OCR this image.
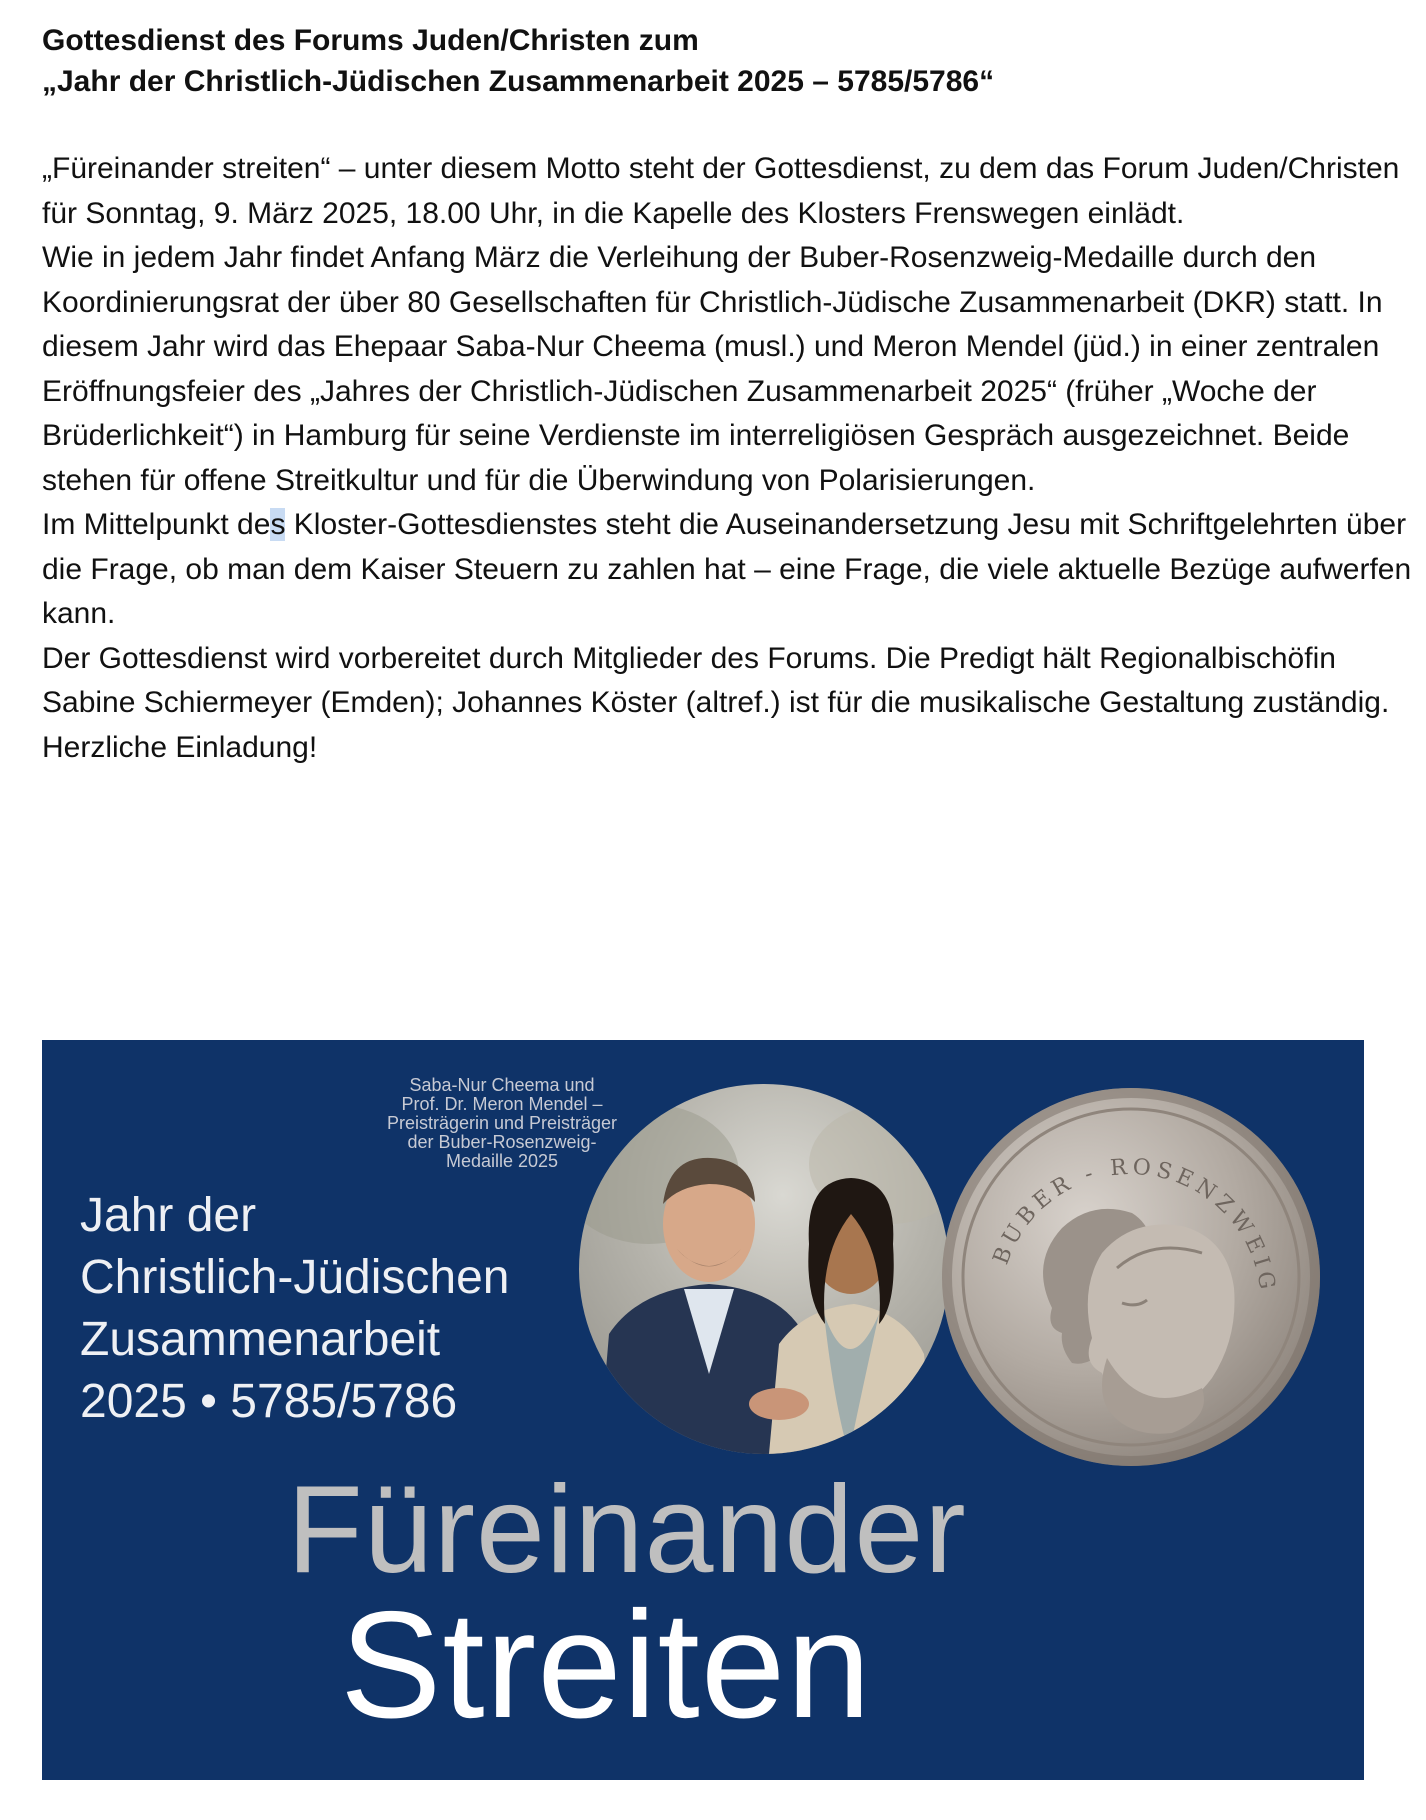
Gottesdienst des Forums Juden/Christen zum
„Jahr der Christlich-Jüdischen Zusammenarbeit 2025 – 5785/5786“

„Füreinander streiten“ – unter diesem Motto steht der Gottesdienst, zu dem das Forum Juden/Christen für Sonntag, 9. März 2025, 18.00 Uhr, in die Kapelle des Klosters Frenswegen einlädt.

Wie in jedem Jahr findet Anfang März die Verleihung der Buber-Rosenzweig-Medaille durch den Koordinierungsrat der über 80 Gesellschaften für Christlich-Jüdische Zusammenarbeit (DKR) statt. In diesem Jahr wird das Ehepaar Saba-Nur Cheema (musl.) und Meron Mendel (jüd.) in einer zentralen Eröffnungsfeier des „Jahres der Christlich-Jüdischen Zusammenarbeit 2025“ (früher „Woche der Brüderlichkeit“) in Hamburg für seine Verdienste im interreligiösen Gespräch ausgezeichnet. Beide stehen für offene Streitkultur und für die Überwindung von Polarisierungen.

Im Mittelpunkt des Kloster-Gottesdienstes steht die Auseinandersetzung Jesu mit Schriftgelehrten über die Frage, ob man dem Kaiser Steuern zu zahlen hat – eine Frage, die viele aktuelle Bezüge aufwerfen kann.

Der Gottesdienst wird vorbereitet durch Mitglieder des Forums. Die Predigt hält Regionalbischöfin Sabine Schiermeyer (Emden); Johannes Köster (altref.) ist für die musikalische Gestaltung zuständig.

Herzliche Einladung!

Saba-Nur Cheema und
Prof. Dr. Meron Mendel –
Preisträgerin und Preisträger
der Buber-Rosenzweig-
Medaille 2025
Jahr der
Christlich-Jüdischen
Zusammenarbeit
2025 • 5785/5786
BUBER - ROSENZWEIG
Füreinander
Streiten
